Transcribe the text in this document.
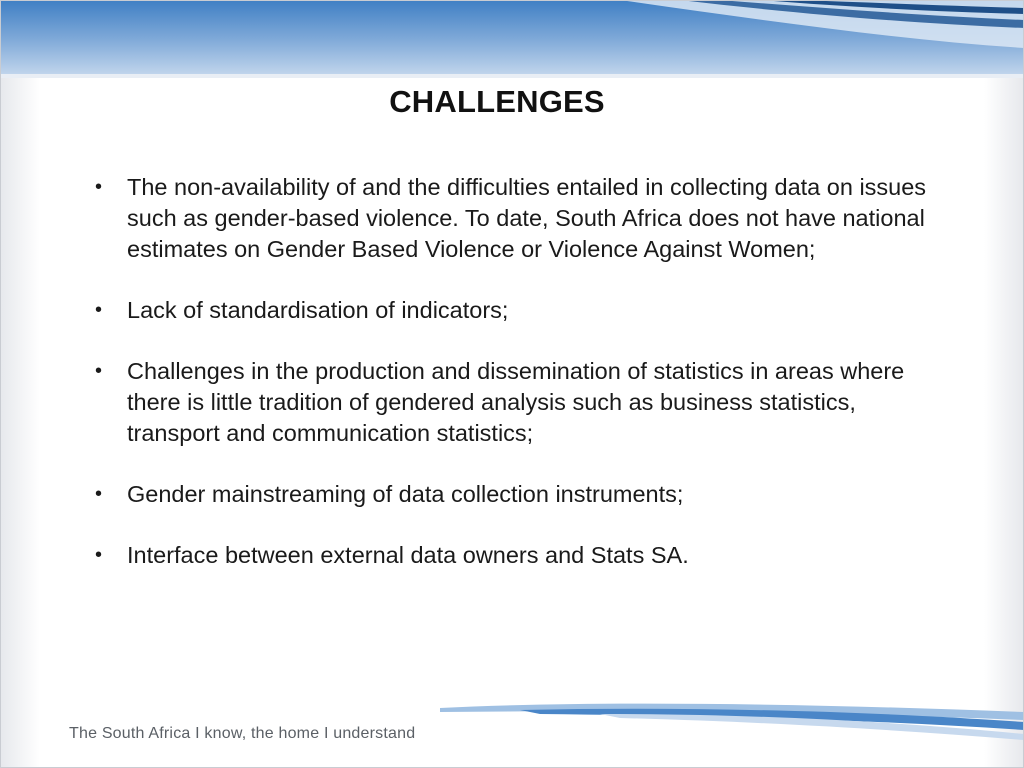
CHALLENGES
•	The non-availability of and the difficulties entailed in collecting data on issues such as gender-based violence. To date, South Africa does not have national estimates on Gender Based Violence or Violence Against Women;
•	Lack of standardisation of indicators;
•	Challenges in the production and dissemination of statistics in areas where there is little tradition of gendered analysis such as business statistics, transport and communication statistics;
•	Gender mainstreaming of data collection instruments;
•	Interface between external data owners and Stats SA.
The South Africa I know, the home I understand
